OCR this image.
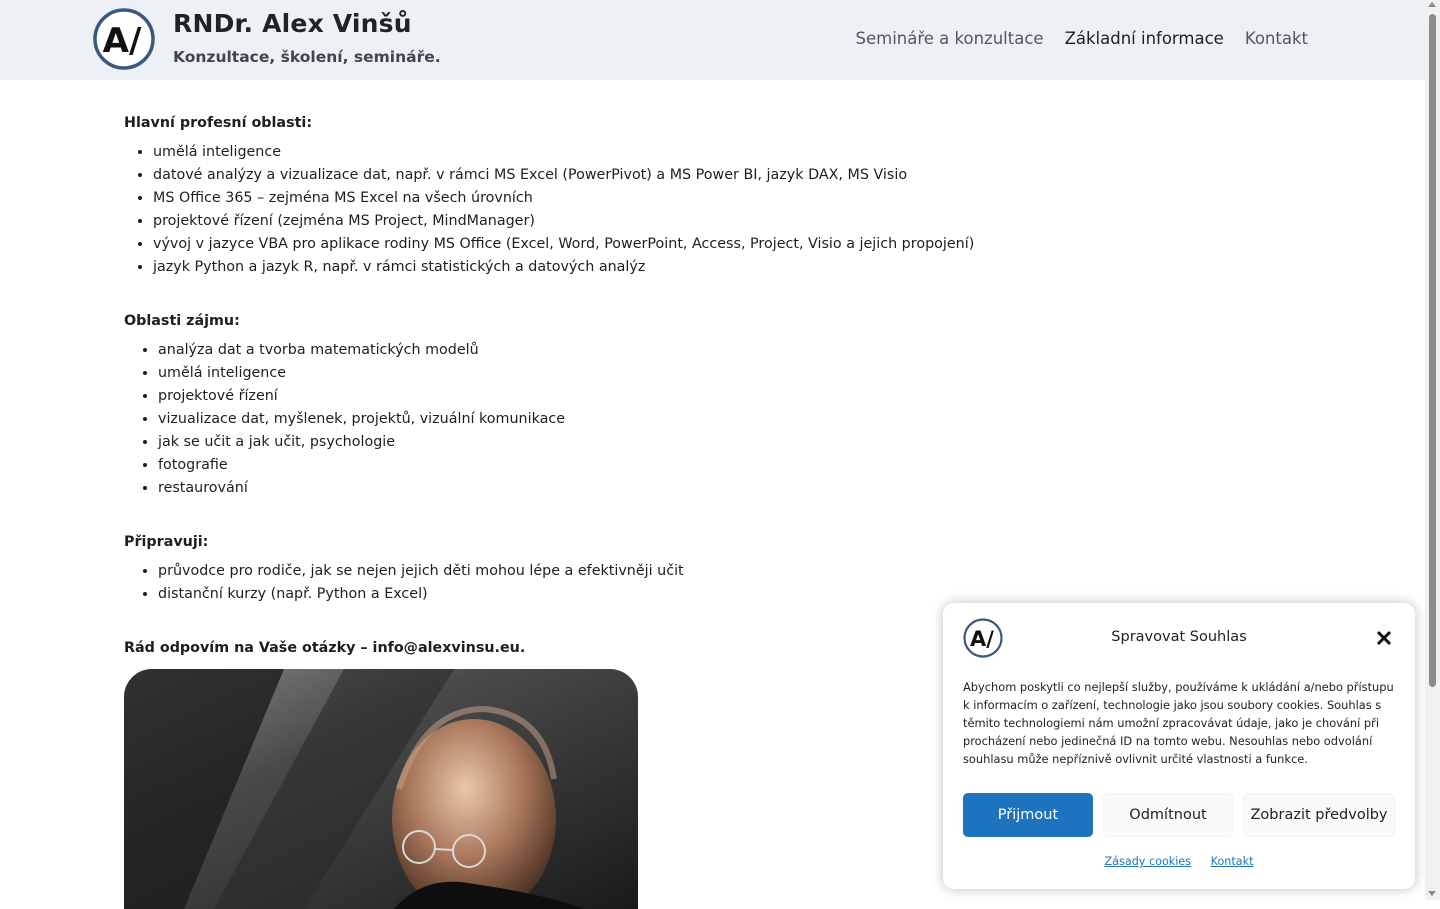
A/ RNDr. Alex Vinšů

Konzultace, školení, semináře.

Semináře a konzultace Základní informace Kontakt

Hlavní profesní oblasti:

• umělá inteligence
• datové analýzy a vizualizace dat, např. v rámci MS Excel (PowerPivot) a MS Power BI, jazyk DAX, MS Visio
• MS Office 365 – zejména MS Excel na všech úrovních
• projektové řízení (zejména MS Project, MindManager)
• vývoj v jazyce VBA pro aplikace rodiny MS Office (Excel, Word, PowerPoint, Access, Project, Visio a jejich propojení)
• jazyk Python a jazyk R, např. v rámci statistických a datových analýz

Oblasti zájmu:

• analýza dat a tvorba matematických modelů
• umělá inteligence
• projektové řízení
• vizualizace dat, myšlenek, projektů, vizuální komunikace
• jak se učit a jak učit, psychologie
• fotografie
• restaurování

Připravuji:

• průvodce pro rodiče, jak se nejen jejich děti mohou lépe a efektivněji učit
• distanční kurzy (např. Python a Excel)

Rád odpovím na Vaše otázky – info@alexvinsu.eu.	A/	Spravovat Souhlas

Abychom poskytli co nejlepší služby, používáme k ukládání a/nebo přístupu k informacím o zařízení, technologie jako jsou soubory cookies. Souhlas s těmito technologiemi nám umožní zpracovávat údaje, jako je chování při procházení nebo jedinečná ID na tomto webu. Nesouhlas nebo odvolání souhlasu může nepříznivě ovlivnit určité vlastnosti a funkce.

Přijmout	Odmítnout	Zobrazit předvolby
Zásady cookies Kontakt
